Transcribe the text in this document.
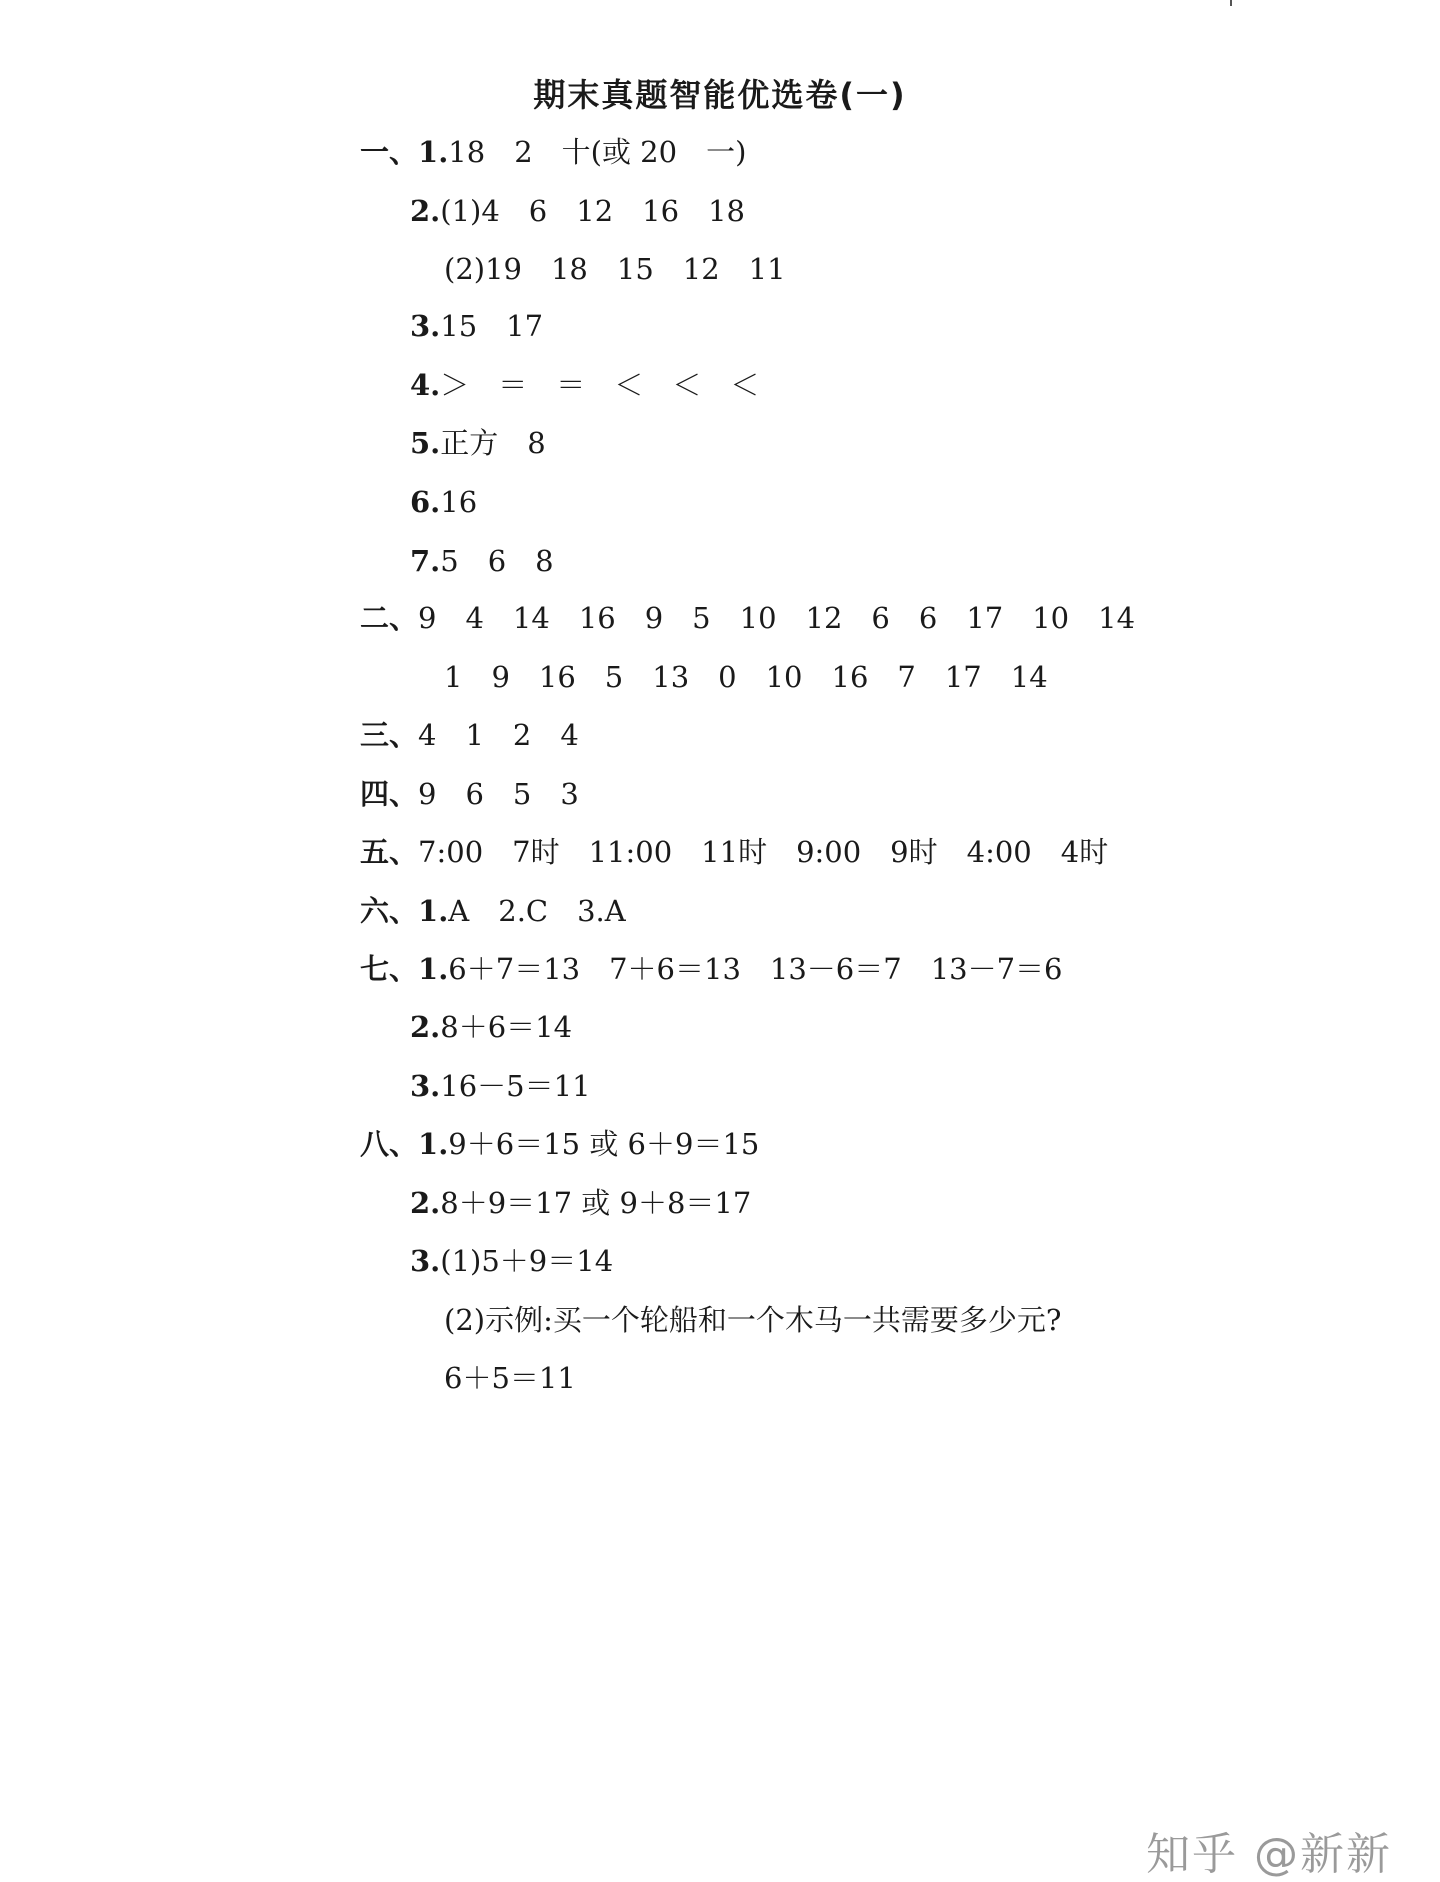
期末真题智能优选卷(一)
一、1.18　2　十(或 20　一)
2.(1)4　6　12　16　18
(2)19　18　15　12　11
3.15　17
4.＞　＝　＝　＜　＜　＜
5.正方　8
6.16
7.5　6　8
二、9　4　14　16　9　5　10　12　6　6　17　10　14
1　9　16　5　13　0　10　16　7　17　14
三、4　1　2　4
四、9　6　5　3
五、7:00　7时　11:00　11时　9:00　9时　4:00　4时
六、1.A　2.C　3.A
七、1.6＋7＝13　7＋6＝13　13－6＝7　13－7＝6
2.8＋6＝14
3.16－5＝11
八、1.9＋6＝15 或 6＋9＝15
2.8＋9＝17 或 9＋8＝17
3.(1)5＋9＝14
(2)示例:买一个轮船和一个木马一共需要多少元?
6＋5＝11
知乎 @新新
